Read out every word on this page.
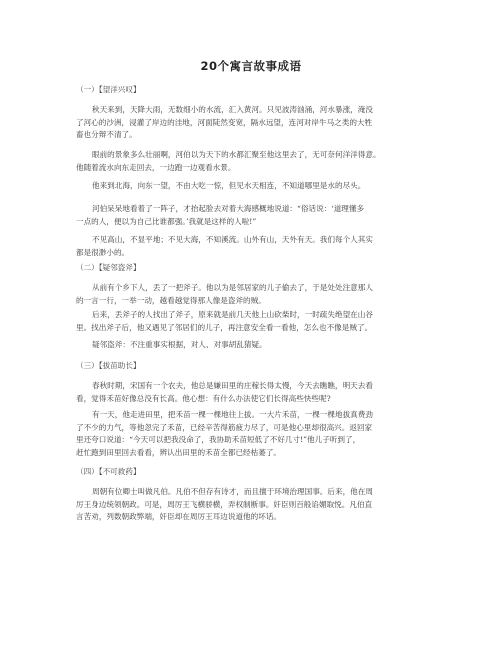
20个寓言故事成语

（一）【望洋兴叹】

秋天来到，天降大雨，无数细小的水流，汇入黄河。只见波涛汹涌，河水暴涨，淹没

了河心的沙洲，浸灌了岸边的洼地，河面陡然变宽，隔水远望，连河对岸牛马之类的大牲

畜也分辩不清了。

眼前的景象多么壮丽啊，河伯以为天下的水都汇聚至他这里去了，无可奈何洋洋得意。

他随着流水向东走回去，一边跑一边观看水景。

他来到北海，向东一望，不由大吃一惊，但见水天相连，不知道哪里是水的尽头。

河伯呆呆地看着了一阵子，才抬起脸去对着大海感概地说道：“俗话说：‘道理懂多

一点的人，便以为自己比谁都强。’我就是这样的人啦!”

不见高山，不显平地；不见大海，不知溪流。山外有山，天外有天。我们每个人其实

都是很渺小的。

（二）【疑邻盗斧】

从前有个乡下人，丢了一把斧子。他以为是邻居家的儿子偷去了，于是处处注意那人

的一言一行，一举一动，越看越觉得那人像是盗斧的贼。

后来，丢斧子的人找出了斧子，原来就是前几天他上山砍柴时，一时疏失绝望在山谷

里。找出斧子后，他又遇见了邻居们的儿子，再注意安全看一看他，怎么也不像是贼了。

疑邻盗斧：不注重事实根据，对人、对事胡乱猜疑。

（三）【拔苗助长】

春秋时期，宋国有一个农夫，他总是嫌田里的庄稼长得太慢，今天去瞧瞧，明天去看

看，觉得禾苗好像总没有长高。他心想：有什么办法使它们长得高些快些呢?

有一天，他走进田里，把禾苗一棵一棵地往上拔。一大片禾苗，一棵一棵地拔真费劲

了不少的力气，等他忽完了禾苗，已经辛苦得筋疲力尽了，可是他心里却很高兴。返回家

里还夸口说道：“今天可以把我没命了，我协助禾苗短低了不好几寸!”他儿子听到了，

赶忙跑到田里回去看看，辨认出田里的禾苗全都已经枯萎了。

（四）【不可救药】

周朝有位卿士叫做凡伯。凡伯不但存有诗才，而且擅于环境治理国事。后来，他在周

厉王身边统领朝政。可是，周厉王飞横骄横，弄权制断事。奸臣则百般谄媚取悦。凡伯直

言苦劝，列数朝政弊端，奸臣却在周厉王耳边说道他的坏话。
